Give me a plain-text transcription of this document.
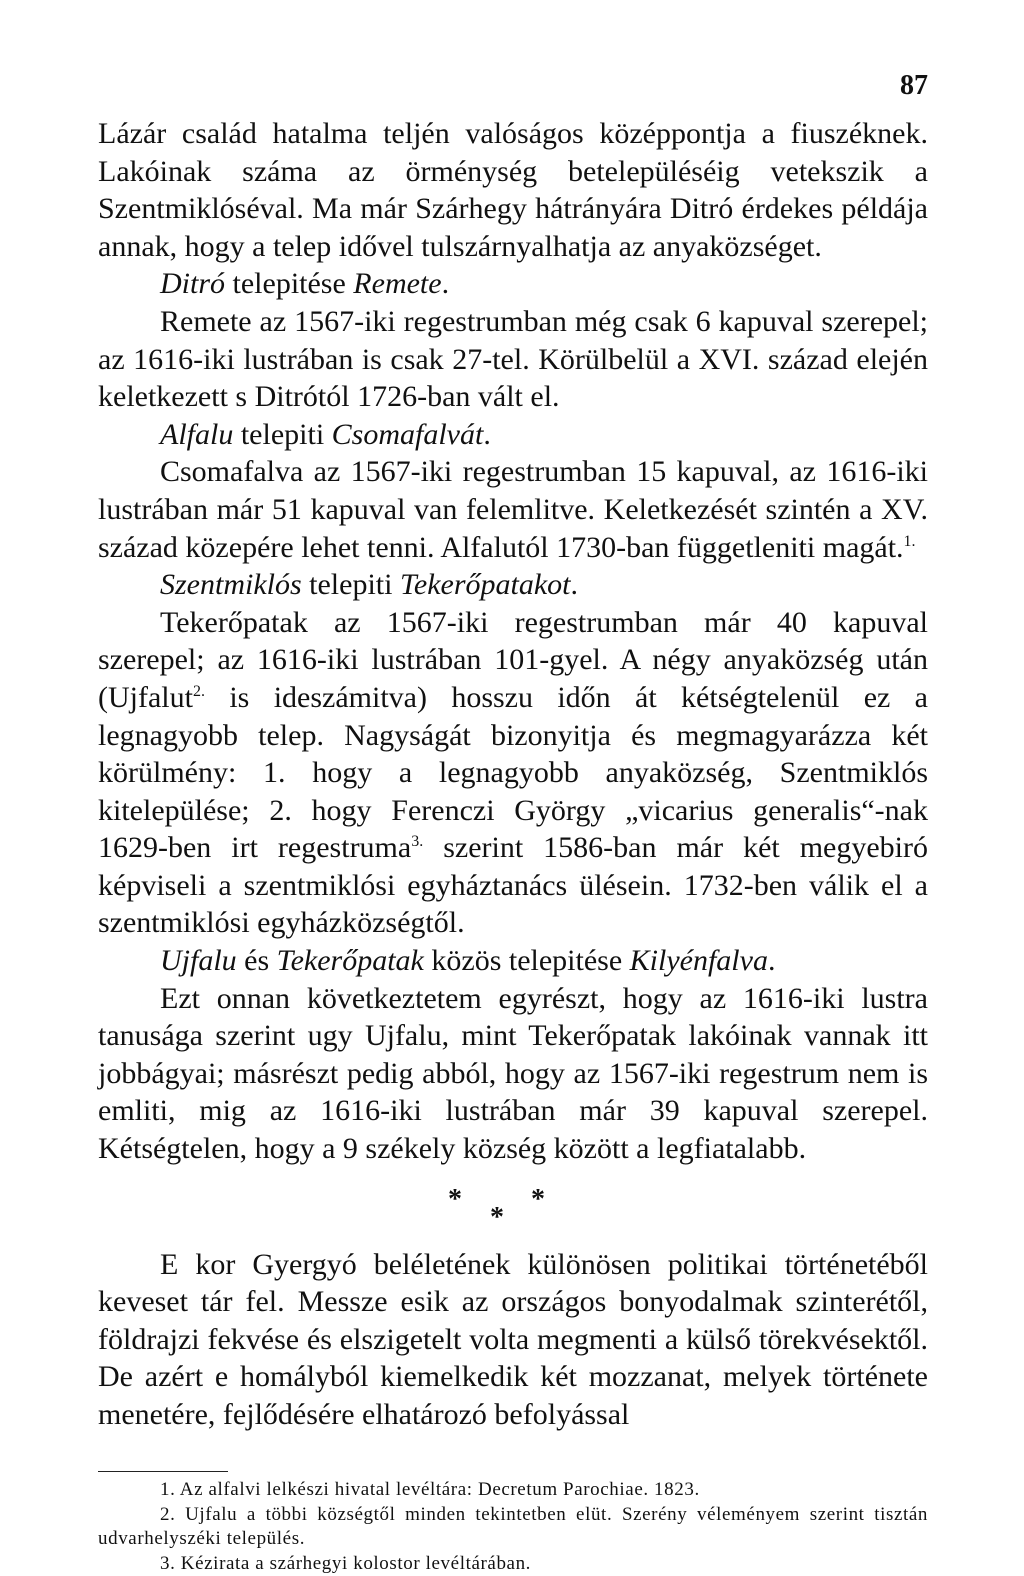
87

Lázár család hatalma teljén valóságos középpontja a fiuszéknek. Lakóinak száma az örménység betelepüléséig vetekszik a Szentmiklóséval. Ma már Szárhegy hátrányára Ditró érdekes példája annak, hogy a telep idővel tulszárnyalhatja az anyaközséget.

Ditró telepitése Remete.

Remete az 1567-iki regestrumban még csak 6 kapuval szerepel; az 1616-iki lustrában is csak 27-tel. Körülbelül a XVI. század elején keletkezett s Ditrótól 1726-ban vált el.

Alfalu telepiti Csomafalvát.

Csomafalva az 1567-iki regestrumban 15 kapuval, az 1616-iki lustrában már 51 kapuval van felemlitve. Keletkezését szintén a XV. század közepére lehet tenni. Alfalutól 1730-ban függetleniti magát.$^{1.}$

Szentmiklós telepiti Tekerőpatakot.

Tekerőpatak az 1567-iki regestrumban már 40 kapuval szerepel; az 1616-iki lustrában 101-gyel. A négy anyaközség után (Ujfalut$^{2.}$ is ideszámitva) hosszu időn át kétségtelenül ez a legnagyobb telep. Nagyságát bizonyitja és megmagyarázza két körülmény: 1. hogy a legnagyobb anyaközség, Szentmiklós kitelepülése; 2. hogy Ferenczi György „vicarius generalis“-nak 1629-ben irt regestruma$^{3.}$ szerint 1586-ban már két megyebiró képviseli a szentmiklósi egyháztanács ülésein. 1732-ben válik el a szentmiklósi egyházközségtől.

Ujfalu és Tekerőpatak közös telepitése Kilyénfalva.

Ezt onnan következtetem egyrészt, hogy az 1616-iki lustra tanusága szerint ugy Ujfalu, mint Tekerőpatak lakóinak vannak itt jobbágyai; másrészt pedig abból, hogy az 1567-iki regestrum nem is emliti, mig az 1616-iki lustrában már 39 kapuval szerepel. Kétségtelen, hogy a 9 székely község között a legfiatalabb.

* *
*

E kor Gyergyó beléletének különösen politikai történetéből keveset tár fel. Messze esik az országos bonyodalmak szinterétől, földrajzi fekvése és elszigetelt volta megmenti a külső törekvésektől. De azért e homályból kiemelkedik két mozzanat, melyek története menetére, fejlődésére elhatározó befolyással

1. Az alfalvi lelkészi hivatal levéltára: Decretum Parochiae. 1823.

2. Ujfalu a többi községtől minden tekintetben elüt. Szerény véleményem szerint tisztán udvarhelyszéki település.

3. Kézirata a szárhegyi kolostor levéltárában.
